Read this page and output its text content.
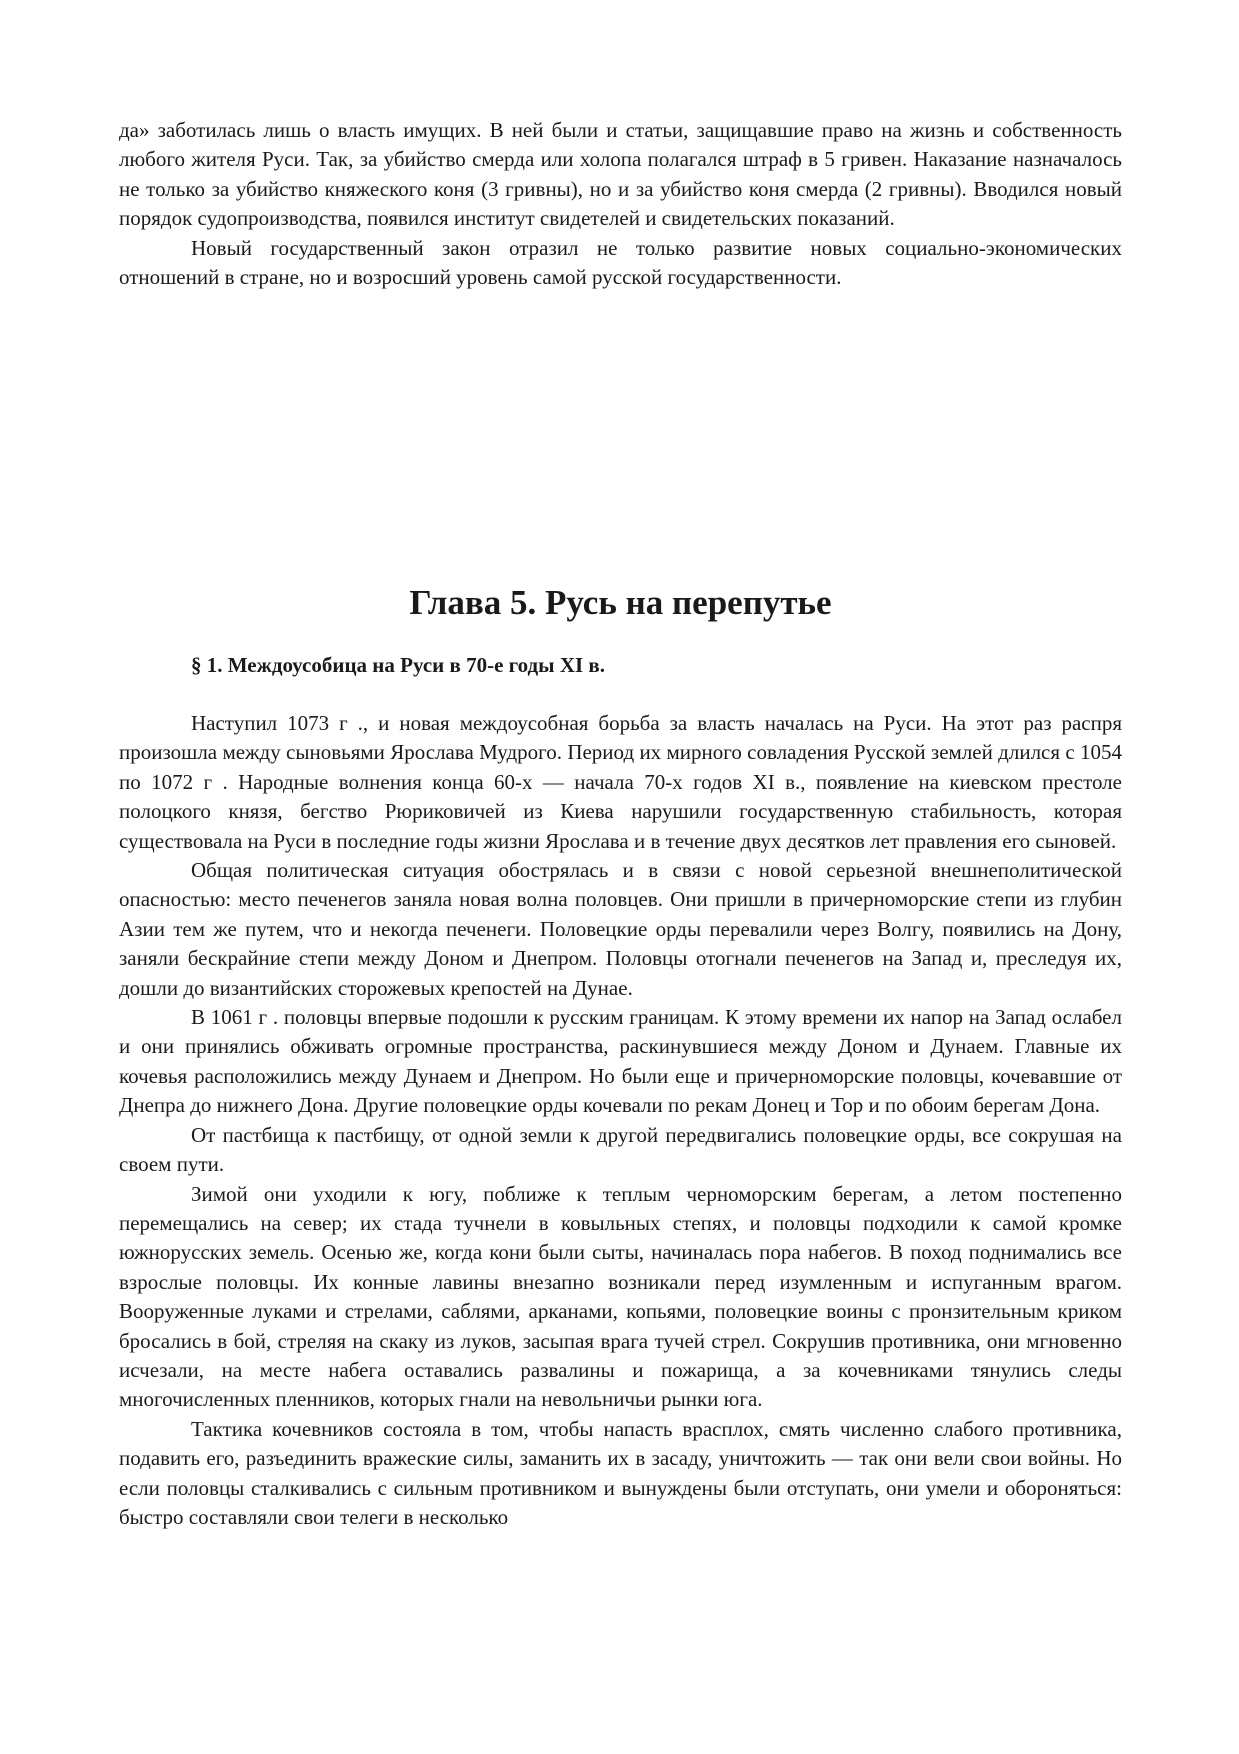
да» заботилась лишь о власть имущих. В ней были и статьи, защищавшие право на жизнь и собственность любого жителя Руси. Так, за убийство смерда или холопа полагался штраф в 5 гривен. Наказание назначалось не только за убийство княжеского коня (3 гривны), но и за убийство коня смерда (2 гривны). Вводился новый порядок судопроизводства, появился институт свидетелей и свидетельских показаний.

Новый государственный закон отразил не только развитие новых социально-экономических отношений в стране, но и возросший уровень самой русской государственности.

Глава 5. Русь на перепутье
§ 1. Междоусобица на Руси в 70-е годы XI в.

Наступил 1073 г ., и новая междоусобная борьба за власть началась на Руси. На этот раз распря произошла между сыновьями Ярослава Мудрого. Период их мирного совладения Русской землей длился с 1054 по 1072 г . Народные волнения конца 60-х — начала 70-х годов XI в., появление на киевском престоле полоцкого князя, бегство Рюриковичей из Киева нарушили государственную стабильность, которая существовала на Руси в последние годы жизни Ярослава и в течение двух десятков лет правления его сыновей.

Общая политическая ситуация обострялась и в связи с новой серьезной внешнеполитической опасностью: место печенегов заняла новая волна половцев. Они пришли в причерноморские степи из глубин Азии тем же путем, что и некогда печенеги. Половецкие орды перевалили через Волгу, появились на Дону, заняли бескрайние степи между Доном и Днепром. Половцы отогнали печенегов на Запад и, преследуя их, дошли до византийских сторожевых крепостей на Дунае.

В 1061 г . половцы впервые подошли к русским границам. К этому времени их напор на Запад ослабел и они принялись обживать огромные пространства, раскинувшиеся между Доном и Дунаем. Главные их кочевья расположились между Дунаем и Днепром. Но были еще и причерноморские половцы, кочевавшие от Днепра до нижнего Дона. Другие половецкие орды кочевали по рекам Донец и Тор и по обоим берегам Дона.

От пастбища к пастбищу, от одной земли к другой передвигались половецкие орды, все сокрушая на своем пути.

Зимой они уходили к югу, поближе к теплым черноморским берегам, а летом постепенно перемещались на север; их стада тучнели в ковыльных степях, и половцы подходили к самой кромке южнорусских земель. Осенью же, когда кони были сыты, начиналась пора набегов. В поход поднимались все взрослые половцы. Их конные лавины внезапно возникали перед изумленным и испуганным врагом. Вооруженные луками и стрелами, саблями, арканами, копьями, половецкие воины с пронзительным криком бросались в бой, стреляя на скаку из луков, засыпая врага тучей стрел. Сокрушив противника, они мгновенно исчезали, на месте набега оставались развалины и пожарища, а за кочевниками тянулись следы многочисленных пленников, которых гнали на невольничьи рынки юга.

Тактика кочевников состояла в том, чтобы напасть врасплох, смять численно слабого противника, подавить его, разъединить вражеские силы, заманить их в засаду, уничтожить — так они вели свои войны. Но если половцы сталкивались с сильным противником и вынуждены были отступать, они умели и обороняться: быстро составляли свои телеги в несколько
